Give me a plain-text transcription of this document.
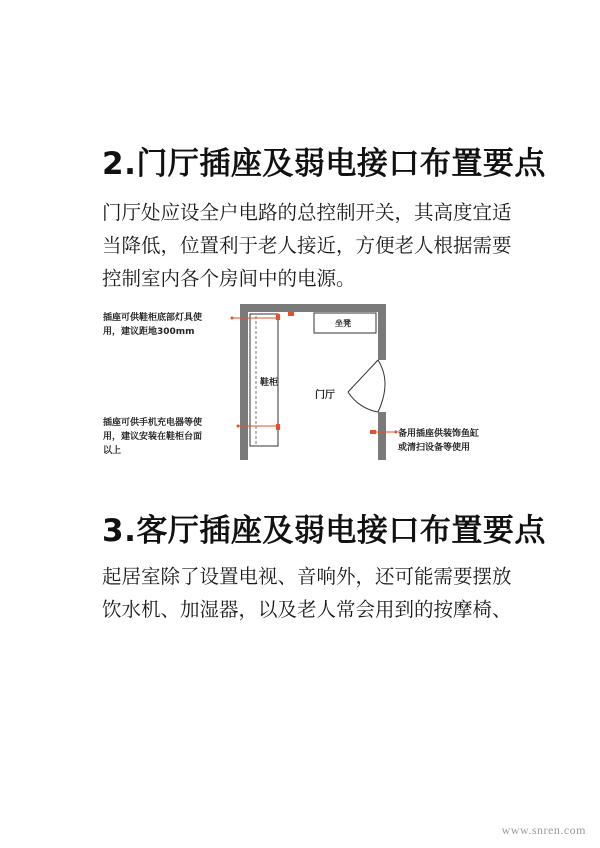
2.门厅插座及弱电接口布置要点
门厅处应设全户电路的总控制开关，其高度宜适
当降低，位置利于老人接近，方便老人根据需要
控制室内各个房间中的电源。
插座可供鞋柜底部灯具使
用，建议距地300mm
插座可供手机充电器等使
用，建议安装在鞋柜台面
以上
备用插座供装饰鱼缸
或清扫设备等使用
鞋柜
坐凳
门厅
3.客厅插座及弱电接口布置要点
起居室除了设置电视、音响外，还可能需要摆放
饮水机、加湿器，以及老人常会用到的按摩椅、
www.snren.com
